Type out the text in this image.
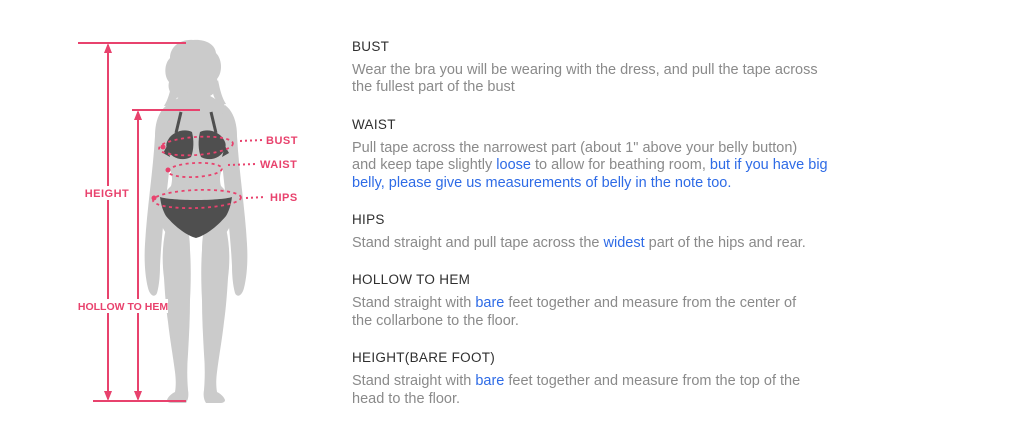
HEIGHT
HOLLOW TO HEM
BUST
WAIST
HIPS
BUST
Wear the bra you will be wearing with the dress, and pull the tape across
the fullest part of the bust
WAIST
Pull tape across the narrowest part (about 1" above your belly button)
and keep tape slightly loose to allow for beathing room, but if you have big
belly, please give us measurements of belly in the note too.
HIPS
Stand straight and pull tape across the widest part of the hips and rear.
HOLLOW TO HEM
Stand straight with bare feet together and measure from the center of
the collarbone to the floor.
HEIGHT(BARE FOOT)
Stand straight with bare feet together and measure from the top of the
head to the floor.
